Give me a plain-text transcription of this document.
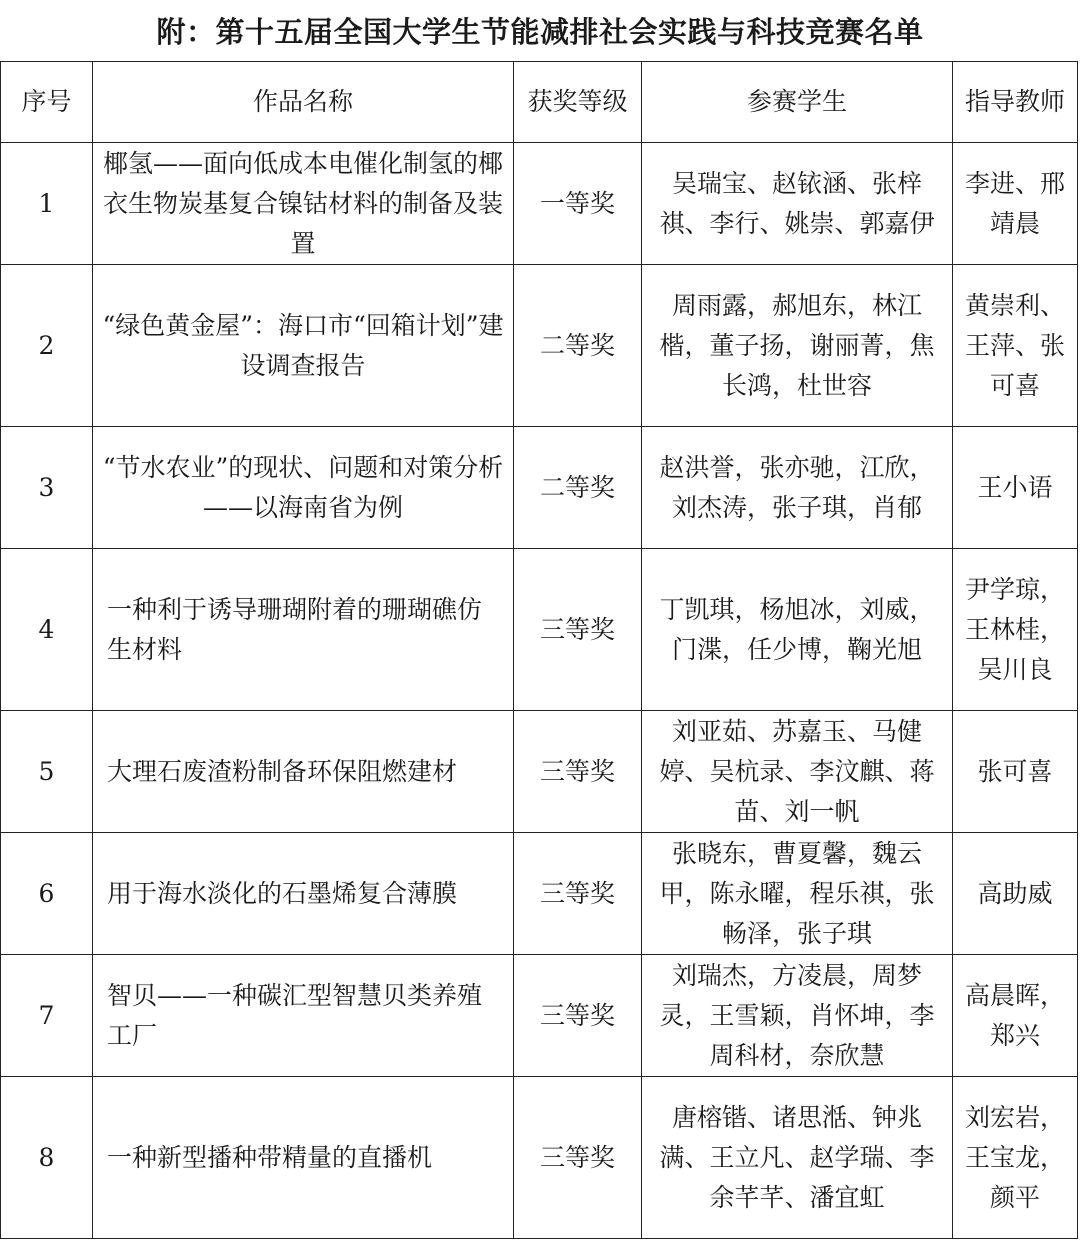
附：第十五届全国大学生节能减排社会实践与科技竞赛名单
序号	作品名称	获奖等级	参赛学生	指导教师
1	椰氢——面向低成本电催化制氢的椰衣生物炭基复合镍钴材料的制备及装置	一等奖	吴瑞宝、赵铱涵、张梓祺、李行、姚崇、郭嘉伊	李进、邢靖晨
2	“绿色黄金屋”：海口市“回箱计划”建设调查报告	二等奖	周雨露，郝旭东，林江楷，董子扬，谢丽菁，焦长鸿，杜世容	黄崇利、王萍、张可喜
3	“节水农业”的现状、问题和对策分析——以海南省为例	二等奖	赵洪誉，张亦驰，江欣，刘杰涛，张子琪，肖郁	王小语
4	一种利于诱导珊瑚附着的珊瑚礁仿生材料	三等奖	丁凯琪，杨旭冰，刘威，门渫，任少博，鞠光旭	尹学琼，王林桂，吴川良
5	大理石废渣粉制备环保阻燃建材	三等奖	刘亚茹、苏嘉玉、马健婷、吴杭录、李汶麒、蒋苗、刘一帆	张可喜
6	用于海水淡化的石墨烯复合薄膜	三等奖	张晓东，曹夏馨，魏云甲，陈永曜，程乐祺，张畅泽，张子琪	高助威
7	智贝——一种碳汇型智慧贝类养殖工厂	三等奖	刘瑞杰，方凌晨，周梦灵，王雪颖，肖怀坤，李周科材，奈欣慧	高晨晖，郑兴
8	一种新型播种带精量的直播机	三等奖	唐榕锴、诸思湉、钟兆满、王立凡、赵学瑞、李余芊芊、潘宜虹	刘宏岩，王宝龙，颜平
